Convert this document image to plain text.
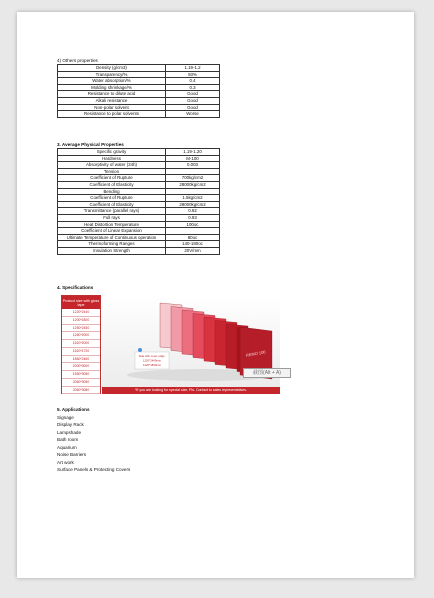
4) Others properties
Density (g/cm3)	1.19-1.2
Transparency/%	93%
Water absorption/%	0.4
Molding shrinkage/%	0.3
Resistance to dilute acid	Good
Alkali resistance	Good
Non-polar solvent	Good
Resistance to polar solvents	Worse
3. Average Physical Properties
Specific gravity	1.19-1.20
Hardness	M-100
Absorptivity of water (24h)	0.003
Tension	
Coefficient of Rupture	700kg/cm2
Coefficient of Elasticity	28000kg/cm2
Bending	
Coefficient of Rupture	1.5kg/cm2
Coefficient of Elasticity	28000kg/cm2
Transmittance (parallel rays)	0.92
Full rays	0.93
Heat Distortion Temperature	100oc
Coefficient of Linear Expansion	
Ultimate Temperature of Continuous operation	80oc
Thermoforming Ranges	140-180oc
Insulation Strength	20V/mm
4. Specifications
Product size with gloss tape
1220*2440
1200*1800
1250*2450
1260*2000
1520*2000
1520*1720
1860*2460
2000*3000
1550*3050
2060*3050
2060*3080
REMO 100
Side with cover edge:
1220*2440mm
1220*1830mm
*If you are looking for special size, Pls. Contact to sales representatives.
截图(Alt + A)
5. Applications
Signage
Display Rack
Lampshade
Bath room
Aquarium
Noise Barriers
Art work
Surface Panels & Protecting Covers
